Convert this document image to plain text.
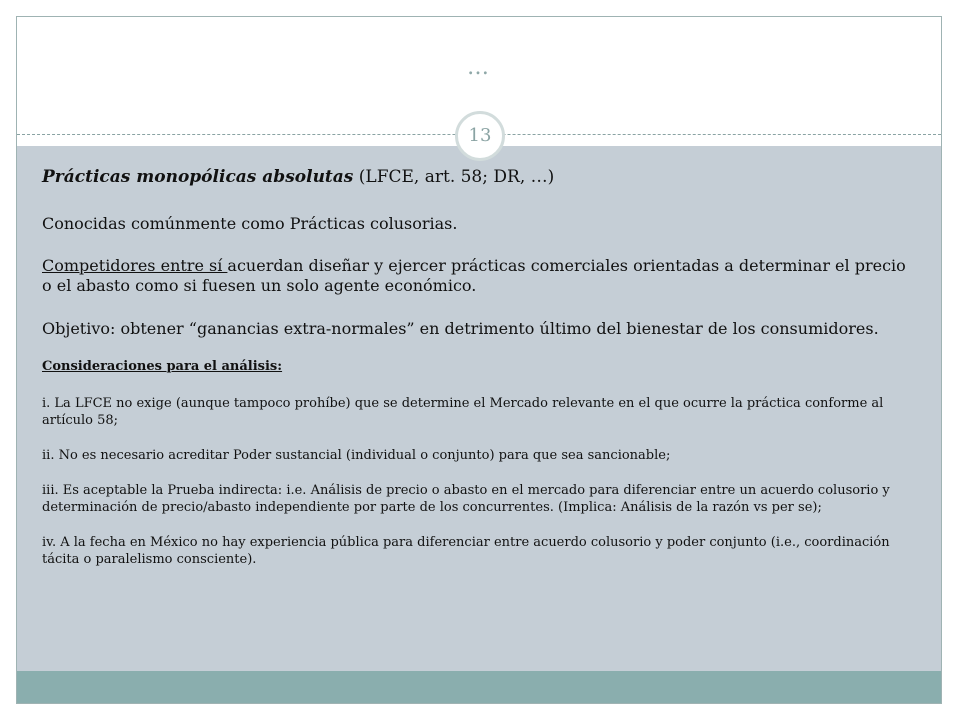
…

Prácticas monopólicas absolutas (LFCE, art. 58; DR, …)

Conocidas comúnmente como Prácticas colusorias.

Competidores entre sí acuerdan diseñar y ejercer prácticas comerciales orientadas a determinar el precio o el abasto como si fuesen un solo agente económico.

Objetivo: obtener “ganancias extra-normales” en detrimento último del bienestar de los consumidores.

Consideraciones para el análisis:

i. La LFCE no exige (aunque tampoco prohíbe) que se determine el Mercado relevante en el que ocurre la práctica conforme al artículo 58;

ii. No es necesario acreditar Poder sustancial (individual o conjunto) para que sea sancionable;

iii. Es aceptable la Prueba indirecta: i.e. Análisis de precio o abasto en el mercado para diferenciar entre un acuerdo colusorio y determinación de precio/abasto independiente por parte de los concurrentes. (Implica: Análisis de la razón vs per se);

iv. A la fecha en México no hay experiencia pública para diferenciar entre acuerdo colusorio y poder conjunto (i.e., coordinación tácita o paralelismo consciente).

13
